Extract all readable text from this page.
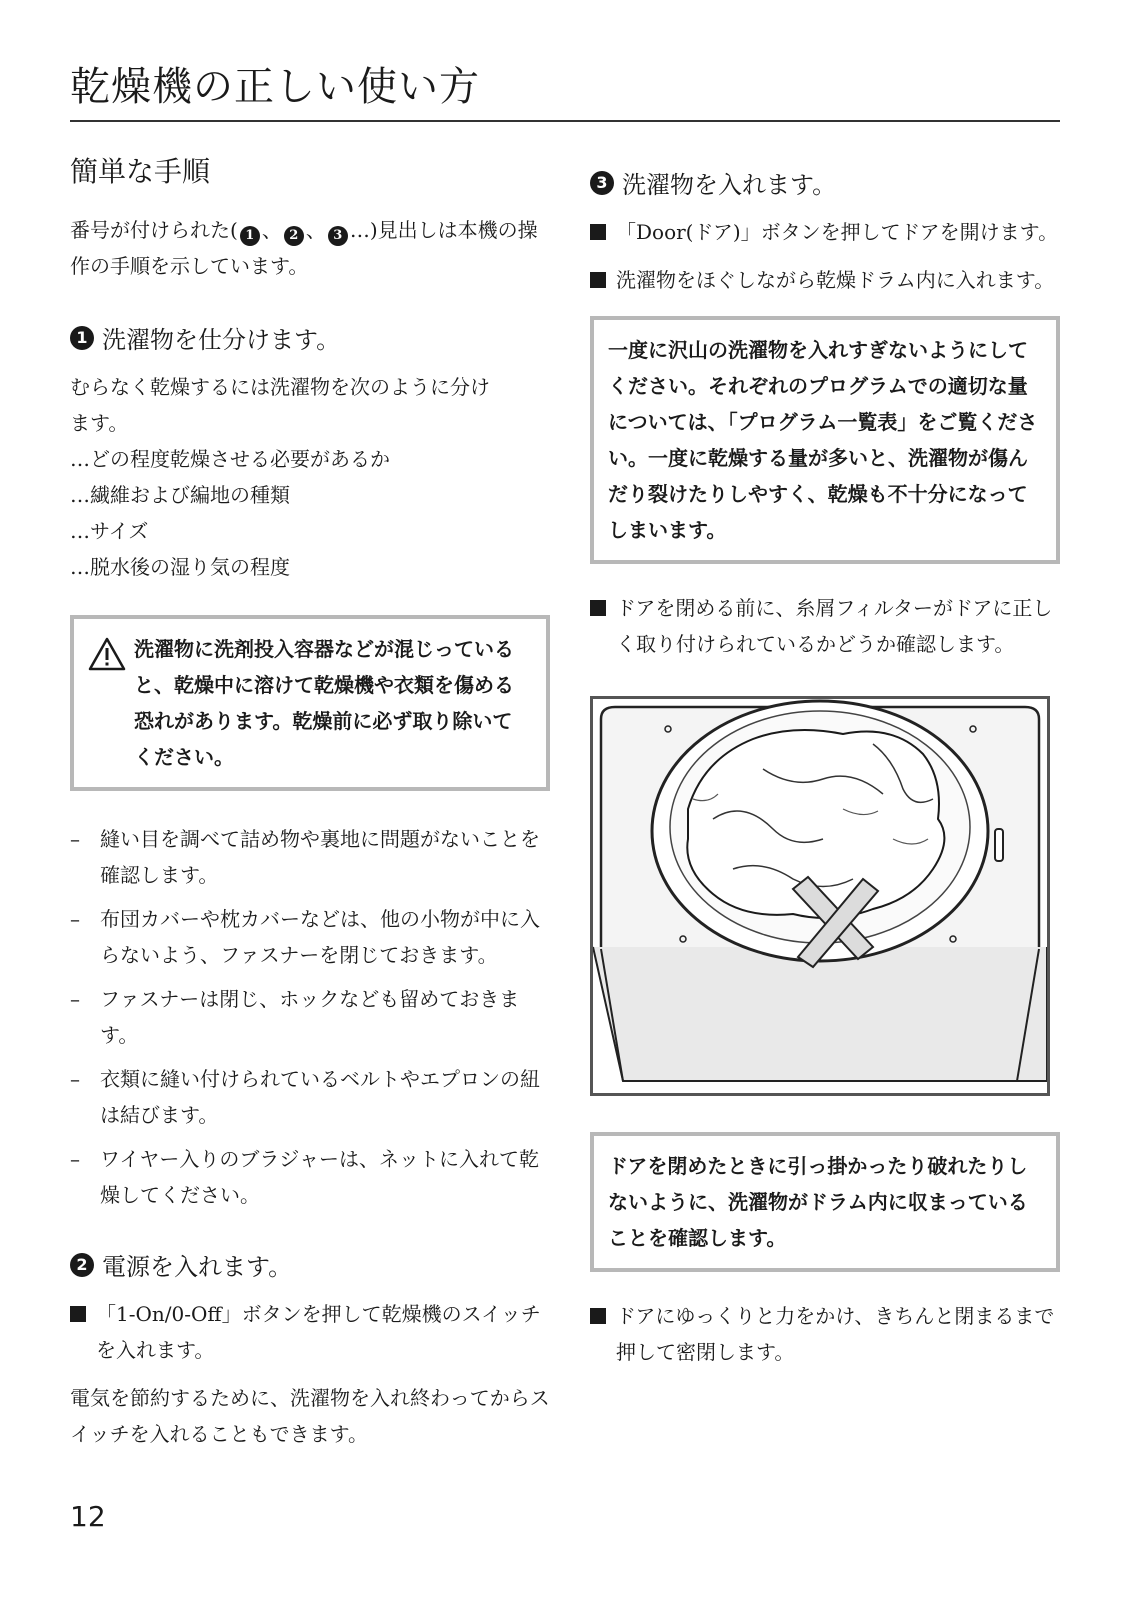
乾燥機の正しい使い方
簡単な手順

番号が付けられた( 1 、 2 、 3 …)見出しは本機の操作の手順を示しています。

1 洗濯物を仕分けます。
むらなく乾燥するには洗濯物を次のように分け
ます。
…どの程度乾燥させる必要があるか
…繊維および編地の種類
…サイズ
…脱水後の湿り気の程度
洗濯物に洗剤投入容器などが混じっていると、乾燥中に溶けて乾燥機や衣類を傷める恐れがあります。乾燥前に必ず取り除いてください。
–	縫い目を調べて詰め物や裏地に問題がないことを確認します。
–	布団カバーや枕カバーなどは、他の小物が中に入らないよう、ファスナーを閉じておきます。
–	ファスナーは閉じ、ホックなども留めておきます。
–	衣類に縫い付けられているベルトやエプロンの紐は結びます。
–	ワイヤー入りのブラジャーは、ネットに入れて乾燥してください。
2 電源を入れます。
「1-On/0-Off」ボタンを押して乾燥機のスイッチを入れます。

電気を節約するために、洗濯物を入れ終わってからスイッチを入れることもできます。

3 洗濯物を入れます。
「Door(ドア)」ボタンを押してドアを開けます。
洗濯物をほぐしながら乾燥ドラム内に入れます。
一度に沢山の洗濯物を入れすぎないようにしてください。それぞれのプログラムでの適切な量については、「プログラム一覧表」をご覧ください。一度に乾燥する量が多いと、洗濯物が傷んだり裂けたりしやすく、乾燥も不十分になってしまいます。
ドアを閉める前に、糸屑フィルターがドアに正しく取り付けられているかどうか確認します。
ドアを閉めたときに引っ掛かったり破れたりしないように、洗濯物がドラム内に収まっていることを確認します。
ドアにゆっくりと力をかけ、きちんと閉まるまで押して密閉します。
12
